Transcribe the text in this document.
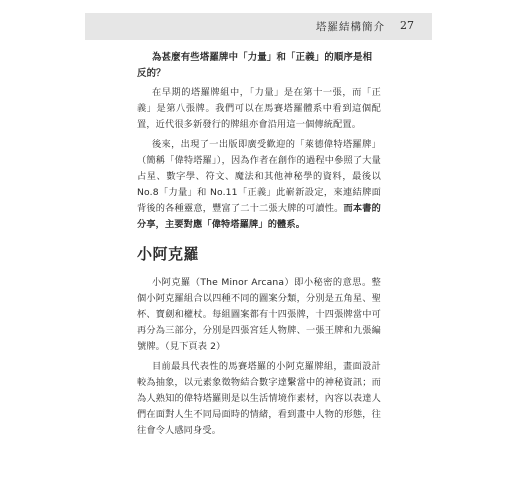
塔羅結構簡介 27

為甚麼有些塔羅牌中「力量」和「正義」的順序是相反的？

在早期的塔羅牌組中，「力量」是在第十一張，而「正義」是第八張牌。我們可以在馬賽塔羅體系中看到這個配置，近代很多新發行的牌組亦會沿用這一個傳統配置。

後來，出現了一出版即廣受歡迎的「萊德偉特塔羅牌」（簡稱「偉特塔羅」），因為作者在創作的過程中參照了大量占星、數字學、符文、魔法和其他神秘學的資料，最後以No.8「力量」和 No.11「正義」此嶄新設定，來連結牌面背後的各種靈意，豐富了二十二張大牌的可讀性。而本書的分享，主要對應「偉特塔羅牌」的體系。

小阿克羅

小阿克羅（The Minor Arcana）即小秘密的意思。整個小阿克羅組合以四種不同的圖案分類，分別是五角星、聖杯、寶劍和權杖。每組圖案都有十四張牌，十四張牌當中可再分為三部分，分別是四張宮廷人物牌、一張王牌和九張編號牌。（見下頁表 2）

目前最具代表性的馬賽塔羅的小阿克羅牌組，畫面設計較為抽象，以元素象徵物結合數字達繫當中的神秘資訊；而為人熟知的偉特塔羅則是以生活情境作素材，內容以表達人們在面對人生不同局面時的情緒，看到畫中人物的形態，往往會令人感同身受。
